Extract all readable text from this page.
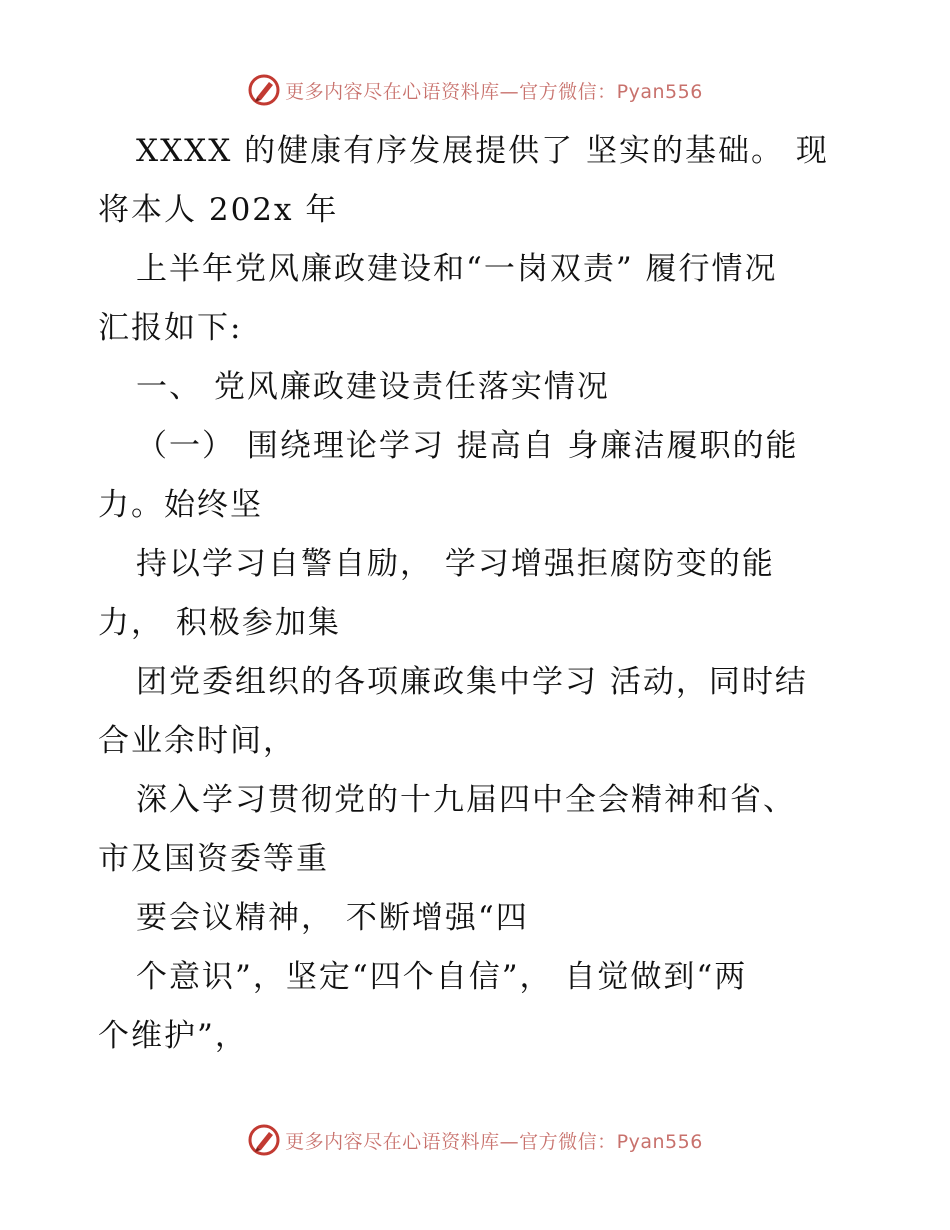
更多内容尽在心语资料库—官方微信：Pyan556
XXXX 的健康有序发展提供了 坚实的基础。 现
将本人 202x 年
上半年党风廉政建设和“一岗双责” 履行情况
汇报如下:
一、 党风廉政建设责任落实情况
（一） 围绕理论学习 提高自 身廉洁履职的能
力。始终坚
持以学习自警自励， 学习增强拒腐防变的能
力， 积极参加集
团党委组织的各项廉政集中学习 活动，同时结
合业余时间，
深入学习贯彻党的十九届四中全会精神和省、
市及国资委等重
要会议精神， 不断增强“四
个意识”，坚定“四个自信”， 自觉做到“两
个维护”，
更多内容尽在心语资料库—官方微信：Pyan556
